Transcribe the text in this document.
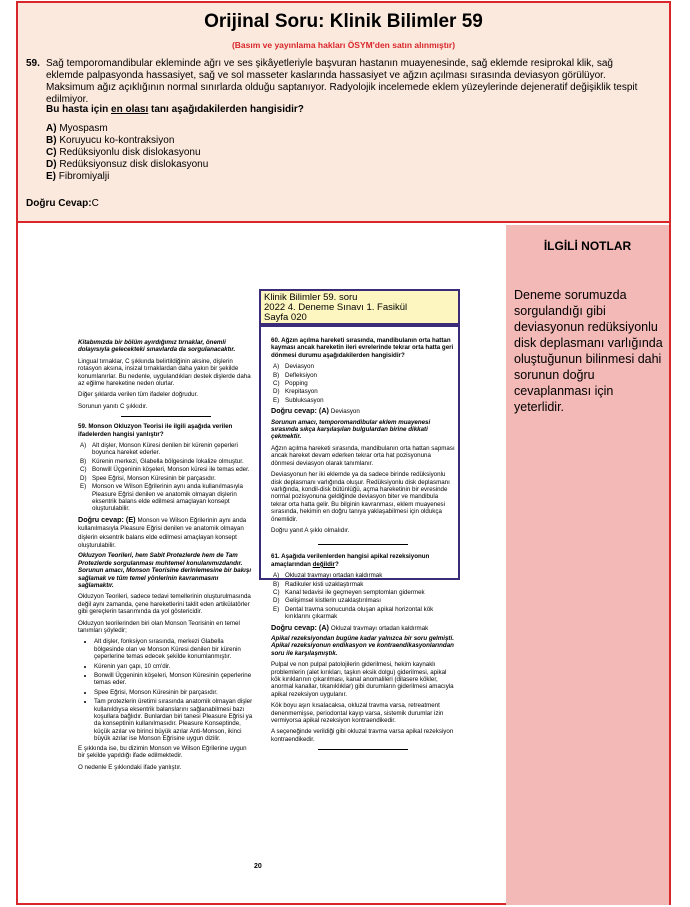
Orijinal Soru: Klinik Bilimler 59
(Basım ve yayınlama hakları ÖSYM'den satın alınmıştır)
59. Sağ temporomandibular ekleminde ağrı ve ses şikâyetleriyle başvuran hastanın muayenesinde, sağ eklemde resiprokal klik, sağ eklemde palpasyonda hassasiyet, sağ ve sol masseter kaslarında hassasiyet ve ağzın açılması sırasında deviasyon görülüyor. Maksimum ağız açıklığının normal sınırlarda olduğu saptanıyor. Radyolojik incelemede eklem yüzeylerinde dejeneratif değişiklik tespit edilmiyor.
Bu hasta için en olası tanı aşağıdakilerden hangisidir?
A) Myospasm
B) Koruyucu ko-kontraksiyon
C) Redüksiyonlu disk dislokasyonu
D) Redüksiyonsuz disk dislokasyonu
E) Fibromiyalji
Doğru Cevap:C
İLGİLİ NOTLAR
Deneme sorumuzda sorgulandığı gibi deviasyonun redüksiyonlu disk deplasmanı varlığında oluştuğunun bilinmesi dahi sorunun doğru cevaplanması için yeterlidir.

Kitabımızda bir bölüm ayırdığımız tırnaklar, önemli dolayısıyla gelecekteki sınavlarda da sorgulanacaktır.

Lingual tırnaklar, C şıkkında belirtildiğinin aksine, dişlerin rotasyon aksına, insizal tırnaklardan daha yakın bir şekilde konumlanırlar. Bu nedenle, uygulandıkları destek dişlerde daha az eğilme hareketine neden olurlar.

Diğer şıklarda verilen tüm ifadeler doğrudur.

Sorunun yanıtı C şıkkıdır.

59. Monson Okluzyon Teorisi ile ilgili aşağıda verilen ifadelerden hangisi yanlıştır?

A) Alt dişler, Monson Küresi denilen bir kürenin çeperleri boyunca hareket ederler.
B) Kürenin merkezi, Glabella bölgesinde lokalize olmuştur.
C) Bonwill Üçgeninin köşeleri, Monson küresi ile temas eder.
D) Spee Eğrisi, Monson Küresinin bir parçasıdır.
E) Monson ve Wilson Eğrilerinin aynı anda kullanılmasıyla Pleasure Eğrisi denilen ve anatomik olmayan dişlerin eksentrik balans elde edilmesi amaçlayan konsept oluşturulabilir.

Doğru cevap: (E) Monson ve Wilson Eğrilerinin aynı anda kullanılmasıyla Pleasure Eğrisi denilen ve anatomik olmayan dişlerin eksentrik balans elde edilmesi amaçlayan konsept oluşturulabilir.

Okluzyon Teorileri, hem Sabit Protezlerde hem de Tam Protezlerde sorgulanması muhtemel konulanımızdandır. Sorunun amacı, Monson Teorisine derinlemesine bir bakışı sağlamak ve tüm temel yönlerinin kavranmasını sağlamaktır.

Okluzyon Teorileri, sadece tedavi temellerinin oluşturulmasında değil aynı zamanda, çene hareketlerini taklit eden artikülatörler gibi gereçlerin tasarımında da yol göstericidir.

Okluzyon teorilerinden biri olan Monson Teorisinin en temel tanımları şöyledir;

• Alt dişler, fonksiyon sırasında, merkezi Glabella bölgesinde olan ve Monson Küresi denilen bir kürenin çeperlerine temas edecek şekilde konumlanmıştır.
• Kürenin yarı çapı, 10 cm'dir.
• Bonwill Üçgeninin köşeleri, Monson Küresinin çeperlerine temas eder.
• Spee Eğrisi, Monson Küresinin bir parçasıdır.
• Tam protezlerin üretimi sırasında anatomik olmayan dişler kullanıldıysa eksentrik balanslarını sağlanabilmesi bazı koşullara bağlıdır. Bunlardan biri tanesi Pleasure Eğrisi ya da konseptinin kullanılmasıdır. Pleasure Konseptinde, küçük azılar ve birinci büyük azılar Anti-Monson, ikinci büyük azılar ise Monson Eğrisine uygun dizilir.

E şıkkında ise, bu dizimin Monson ve Wilson Eğrilerine uygun bir şekilde yapıldığı ifade edilmektedir.

O nedenle E şıkkındaki ifade yanlıştır.

Klinik Bilimler 59. soru
2022 4. Deneme Sınavı 1. Fasikül
Sayfa 020

60. Ağzın açılma hareketi sırasında, mandibulanın orta hattan kayması ancak hareketin ileri evrelerinde tekrar orta hatta geri dönmesi durumu aşağıdakilerden hangisidir?

A) Deviasyon
B) Defleksiyon
C) Popping
D) Krepitasyon
E) Subluksasyon

Doğru cevap: (A) Deviasyon

Sorunun amacı, temporomandibular eklem muayenesi sırasında sıkça karşılaşılan bulgulardan birine dikkati çekmektir.

Ağzın açılma hareketi sırasında, mandibulanın orta hattan sapması ancak hareket devam ederken tekrar orta hat pozisyonuna dönmesi deviasyon olarak tanımlanır.

Deviasyonun her iki eklemde ya da sadece birinde redüksiyonlu disk deplasmanı varlığında oluşur. Redüksiyonlu disk deplasmanı varlığında, kondil-disk bütünlüğü, açma hareketinin bir evresinde normal pozisyonuna geldiğinde deviasyon biter ve mandibula tekrar orta hatta gelir. Bu bilginin kavranması, eklem muayenesi sırasında, hekimin en doğru tanıya yaklaşabilmesi için oldukça önemlidir.

Doğru yanıt A şıkkı olmalıdır.

61. Aşağıda verilenlerden hangisi apikal rezeksiyonun amaçlarından değildir?

A) Okluzal travmayı ortadan kaldırmak
B) Radikuler kisti uzaklaştırmak
C) Kanal tedavisi ile geçmeyen semptomları gidermek
D) Gelişimsel kistlerin uzaklaştırılması
E) Dental travma sonucunda oluşan apikal horizontal kök kırıklarını çıkarmak

Doğru cevap: (A) Okluzal travmayı ortadan kaldırmak

Apikal rezeksiyondan bugüne kadar yalnızca bir soru gelmişti. Apikal rezeksiyonun endikasyon ve kontraendikasyonlarından soru ile karşılaşmıştık.

Pulpal ve non pulpal patolojilerin giderilmesi, hekim kaynaklı problemlerin (alet kırıkları, taşkın eksik dolgu) giderilmesi, apikal kök kırıklarının çıkarılması, kanal anomalileri (dilasere kökler, anormal kanallar, tıkanıklıklar) gibi durumların giderilmesi amacıyla apikal rezeksiyon uygulanır.

Kök boyu aşırı kısalacaksa, okluzal travma varsa, retreatment denenmemişse, periodontal kayıp varsa, sistemik durumlar izin vermiyorsa apikal rezeksiyon kontraendikedir.

A seçeneğinde verildiği gibi okluzal travma varsa apikal rezeksiyon kontraendikedir.

20
